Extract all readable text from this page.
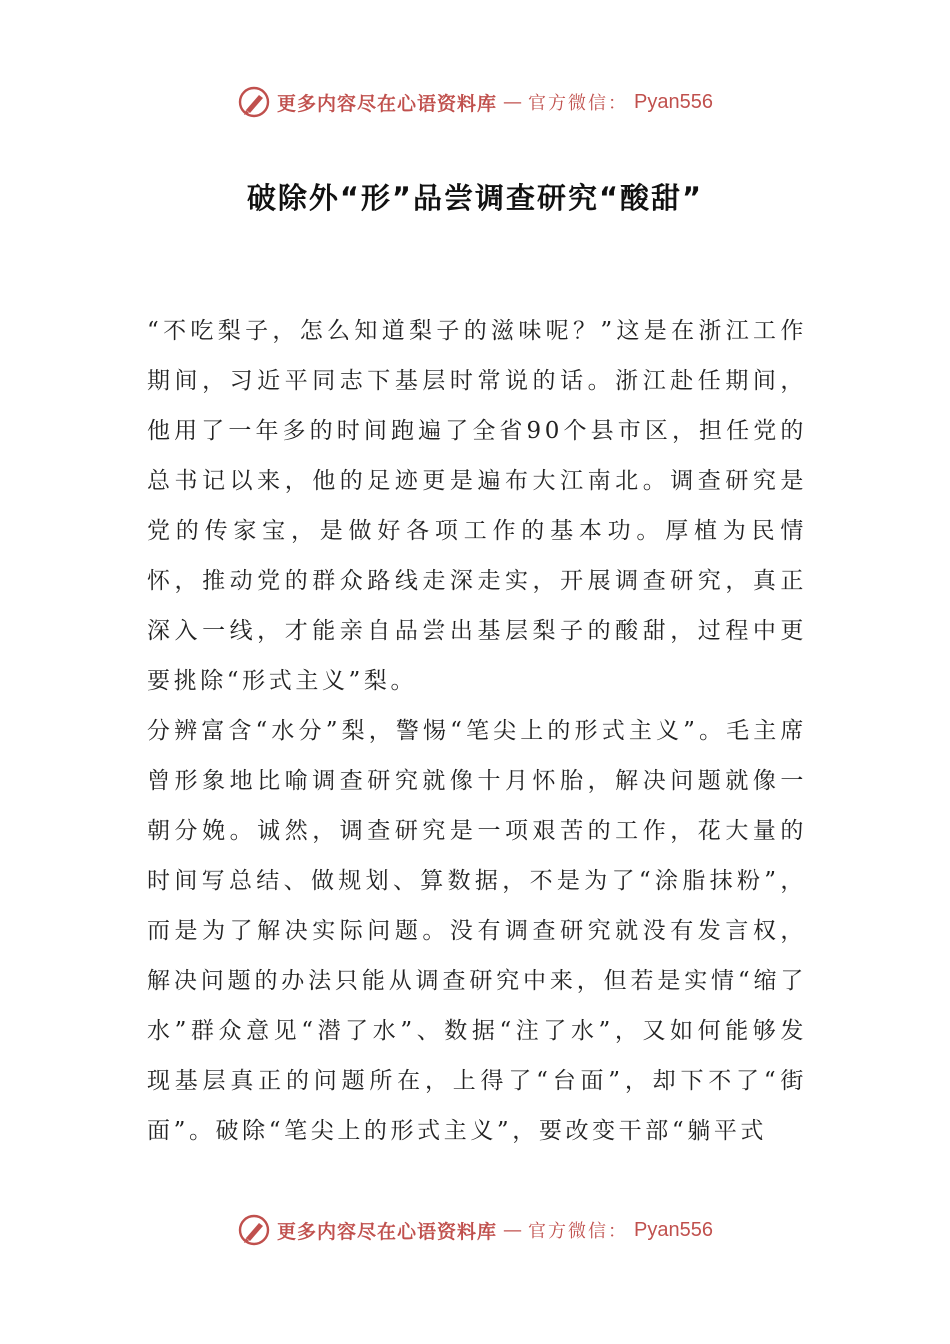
更多内容尽在心语资料库 — 官方微信： Pyan556
破除外“形”品尝调查研究“酸甜”

“不吃梨子，怎么知道梨子的滋味呢？”这是在浙江工作期间，习近平同志下基层时常说的话。浙江赴任期间，他用了一年多的时间跑遍了全省90个县市区，担任党的总书记以来，他的足迹更是遍布大江南北。调查研究是党的传家宝，是做好各项工作的基本功。厚植为民情怀，推动党的群众路线走深走实，开展调查研究，真正深入一线，才能亲自品尝出基层梨子的酸甜，过程中更要挑除“形式主义”梨。

分辨富含“水分”梨，警惕“笔尖上的形式主义”。毛主席曾形象地比喻调查研究就像十月怀胎，解决问题就像一朝分娩。诚然，调查研究是一项艰苦的工作，花大量的时间写总结、做规划、算数据，不是为了“涂脂抹粉”，而是为了解决实际问题。没有调查研究就没有发言权，解决问题的办法只能从调查研究中来，但若是实情“缩了水”群众意见“潜了水”、数据“注了水”，又如何能够发现基层真正的问题所在，上得了“台面”，却下不了“街面”。破除“笔尖上的形式主义”，要改变干部“躺平式

更多内容尽在心语资料库 — 官方微信： Pyan556
